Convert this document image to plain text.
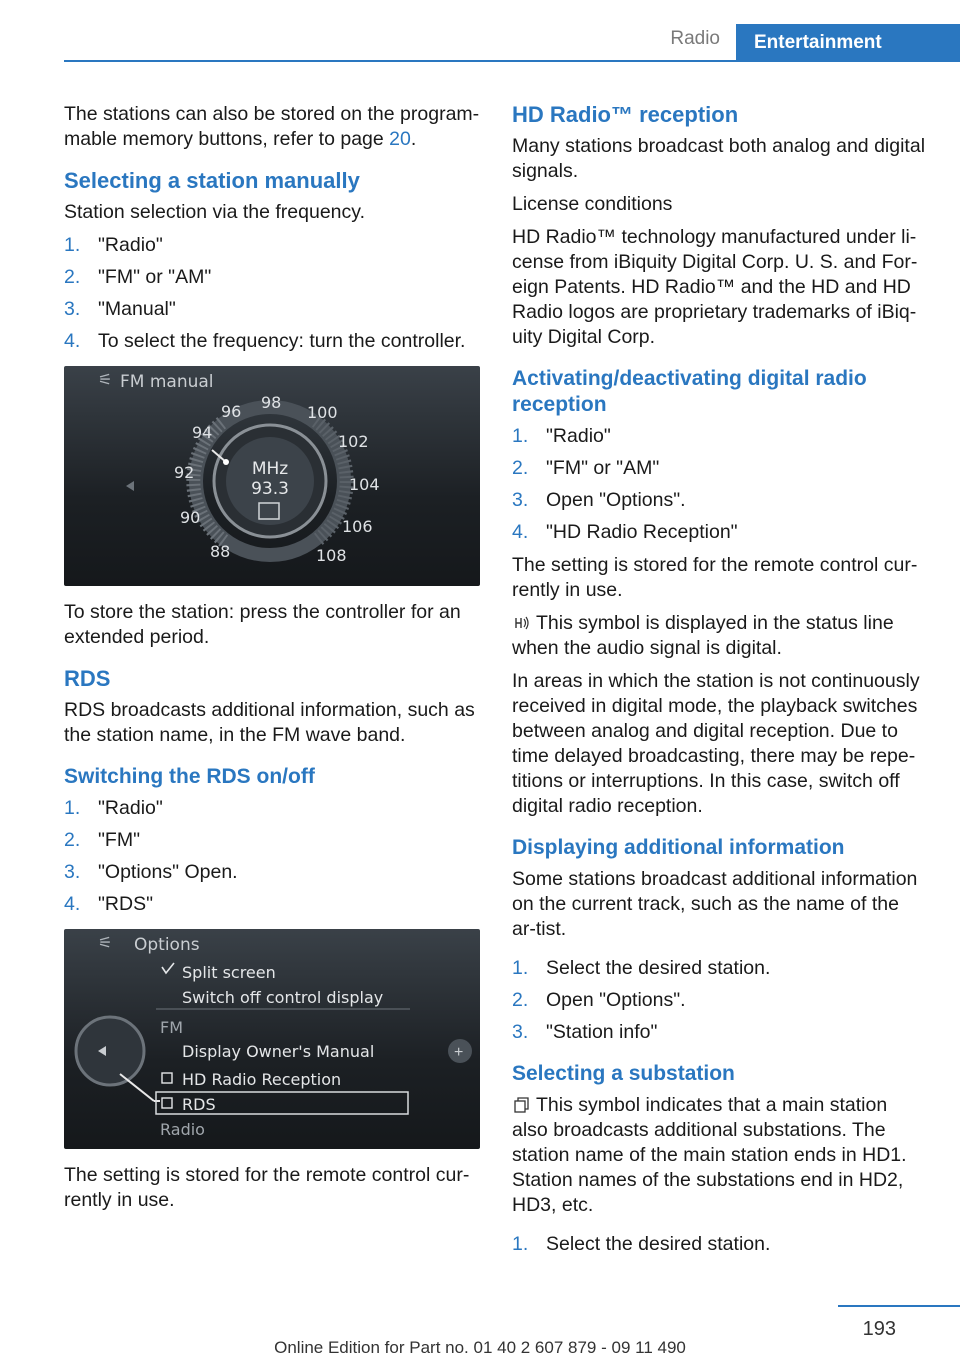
Radio	Entertainment

The stations can also be stored on the program-mable memory buttons, refer to page 20.

Selecting a station manually

Station selection via the frequency.

1. "Radio"
2. "FM" or "AM"
3. "Manual"
4. To select the frequency: turn the controller.
⚟ FM manual
MHz
93.3
88
90
92
94
96 98
100
102
104
106
108

To store the station: press the controller for an extended period.

RDS

RDS broadcasts additional information, such as the station name, in the FM wave band.

Switching the RDS on/off
1. "Radio"
2. "FM"
3. "Options" Open.
4. "RDS"
⚟ Options
+
Split screen
Switch off control display
FM
Display Owner's Manual
HD Radio Reception
RDS
Radio

The setting is stored for the remote control cur-rently in use.

HD Radio™ reception

Many stations broadcast both analog and digital signals.

License conditions

HD Radio™ technology manufactured under li-cense from iBiquity Digital Corp. U. S. and For-eign Patents. HD Radio™ and the HD and HD Radio logos are proprietary trademarks of iBiq-uity Digital Corp.

Activating/deactivating digital radio reception
1. "Radio"
2. "FM" or "AM"
3. Open "Options".
4. "HD Radio Reception"

The setting is stored for the remote control cur-rently in use.

This symbol is displayed in the status line when the audio signal is digital.

In areas in which the station is not continuously received in digital mode, the playback switches between analog and digital reception. Due to time delayed broadcasting, there may be repe-titions or interruptions. In this case, switch off digital radio reception.

Displaying additional information

Some stations broadcast additional information on the current track, such as the name of the ar-tist.

1. Select the desired station.
2. Open "Options".
3. "Station info"
Selecting a substation

This symbol indicates that a main station also broadcasts additional substations. The station name of the main station ends in HD1. Station names of the substations end in HD2, HD3, etc.

1. Select the desired station.
193
Online Edition for Part no. 01 40 2 607 879 - 09 11 490
